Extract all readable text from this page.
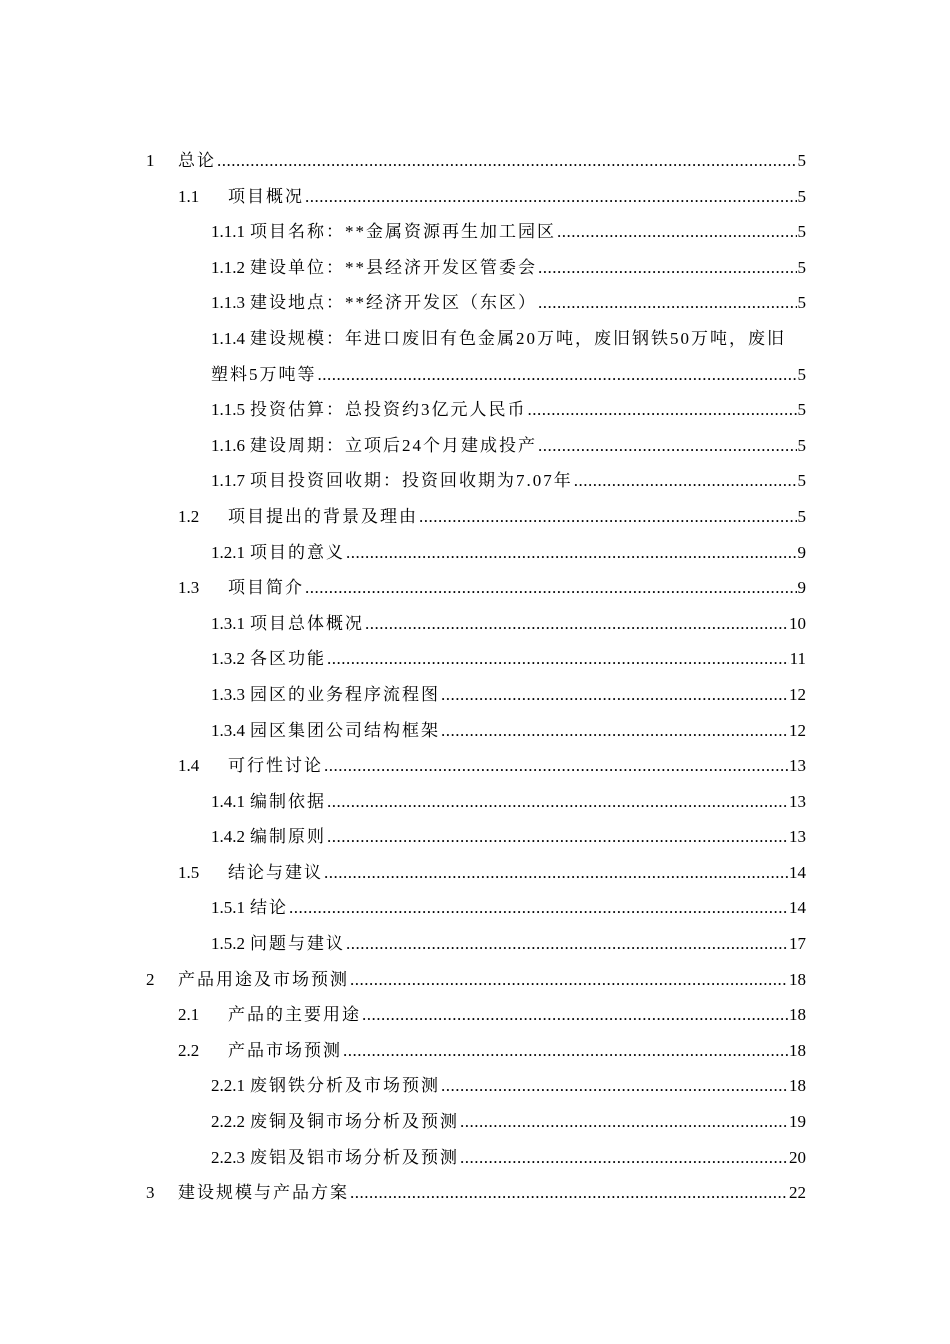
1	总论 .....	5
1.1	项目概况 .....	5
1.1.1 项目名称：**金属资源再生加工园区 .....	5
1.1.2 建设单位：**县经济开发区管委会 .....	5
1.1.3 建设地点：**经济开发区（东区） .....	5
1.1.4 建设规模：年进口废旧有色金属20万吨，废旧钢铁50万吨，废旧
塑料5万吨等 .....	5
1.1.5 投资估算：总投资约3亿元人民币 .....	5
1.1.6 建设周期：立项后24个月建成投产 .....	5
1.1.7 项目投资回收期：投资回收期为7.07年 .....	5
1.2	项目提出的背景及理由 .....	5
1.2.1 项目的意义 .....	9
1.3	项目简介 .....	9
1.3.1 项目总体概况 .....	10
1.3.2 各区功能 .....	11
1.3.3 园区的业务程序流程图 .....	12
1.3.4 园区集团公司结构框架 .....	12
1.4	可行性讨论 .....	13
1.4.1 编制依据 .....	13
1.4.2 编制原则 .....	13
1.5	结论与建议 .....	14
1.5.1 结论 .....	14
1.5.2 问题与建议 .....	17
2	产品用途及市场预测 .....	18
2.1	产品的主要用途 .....	18
2.2	产品市场预测 .....	18
2.2.1 废钢铁分析及市场预测 .....	18
2.2.2 废铜及铜市场分析及预测 .....	19
2.2.3 废铝及铝市场分析及预测 .....	20
3	建设规模与产品方案 .....	22
